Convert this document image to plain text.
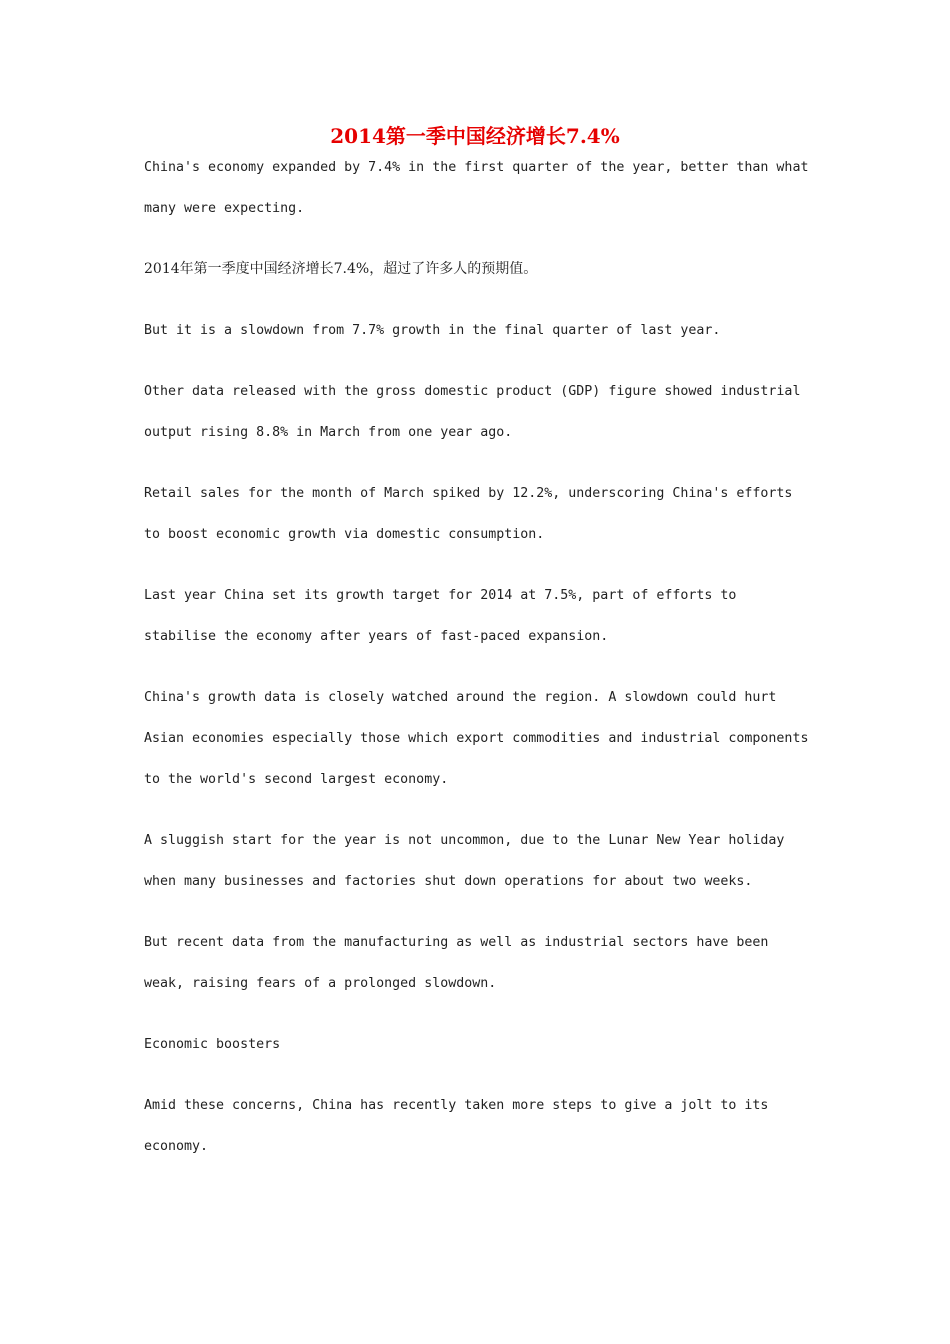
2014第一季中国经济增长7.4%

China's economy expanded by 7.4% in the first quarter of the year, better than what many were expecting.

2014年第一季度中国经济增长7.4%，超过了许多人的预期值。

But it is a slowdown from 7.7% growth in the final quarter of last year.

Other data released with the gross domestic product (GDP) figure showed industrial output rising 8.8% in March from one year ago.

Retail sales for the month of March spiked by 12.2%, underscoring China's efforts to boost economic growth via domestic consumption.

Last year China set its growth target for 2014 at 7.5%, part of efforts to stabilise the economy after years of fast-paced expansion.

China's growth data is closely watched around the region. A slowdown could hurt Asian economies especially those which export commodities and industrial components to the world's second largest economy.

A sluggish start for the year is not uncommon, due to the Lunar New Year holiday when many businesses and factories shut down operations for about two weeks.

But recent data from the manufacturing as well as industrial sectors have been weak, raising fears of a prolonged slowdown.

Economic boosters

Amid these concerns, China has recently taken more steps to give a jolt to its economy.
